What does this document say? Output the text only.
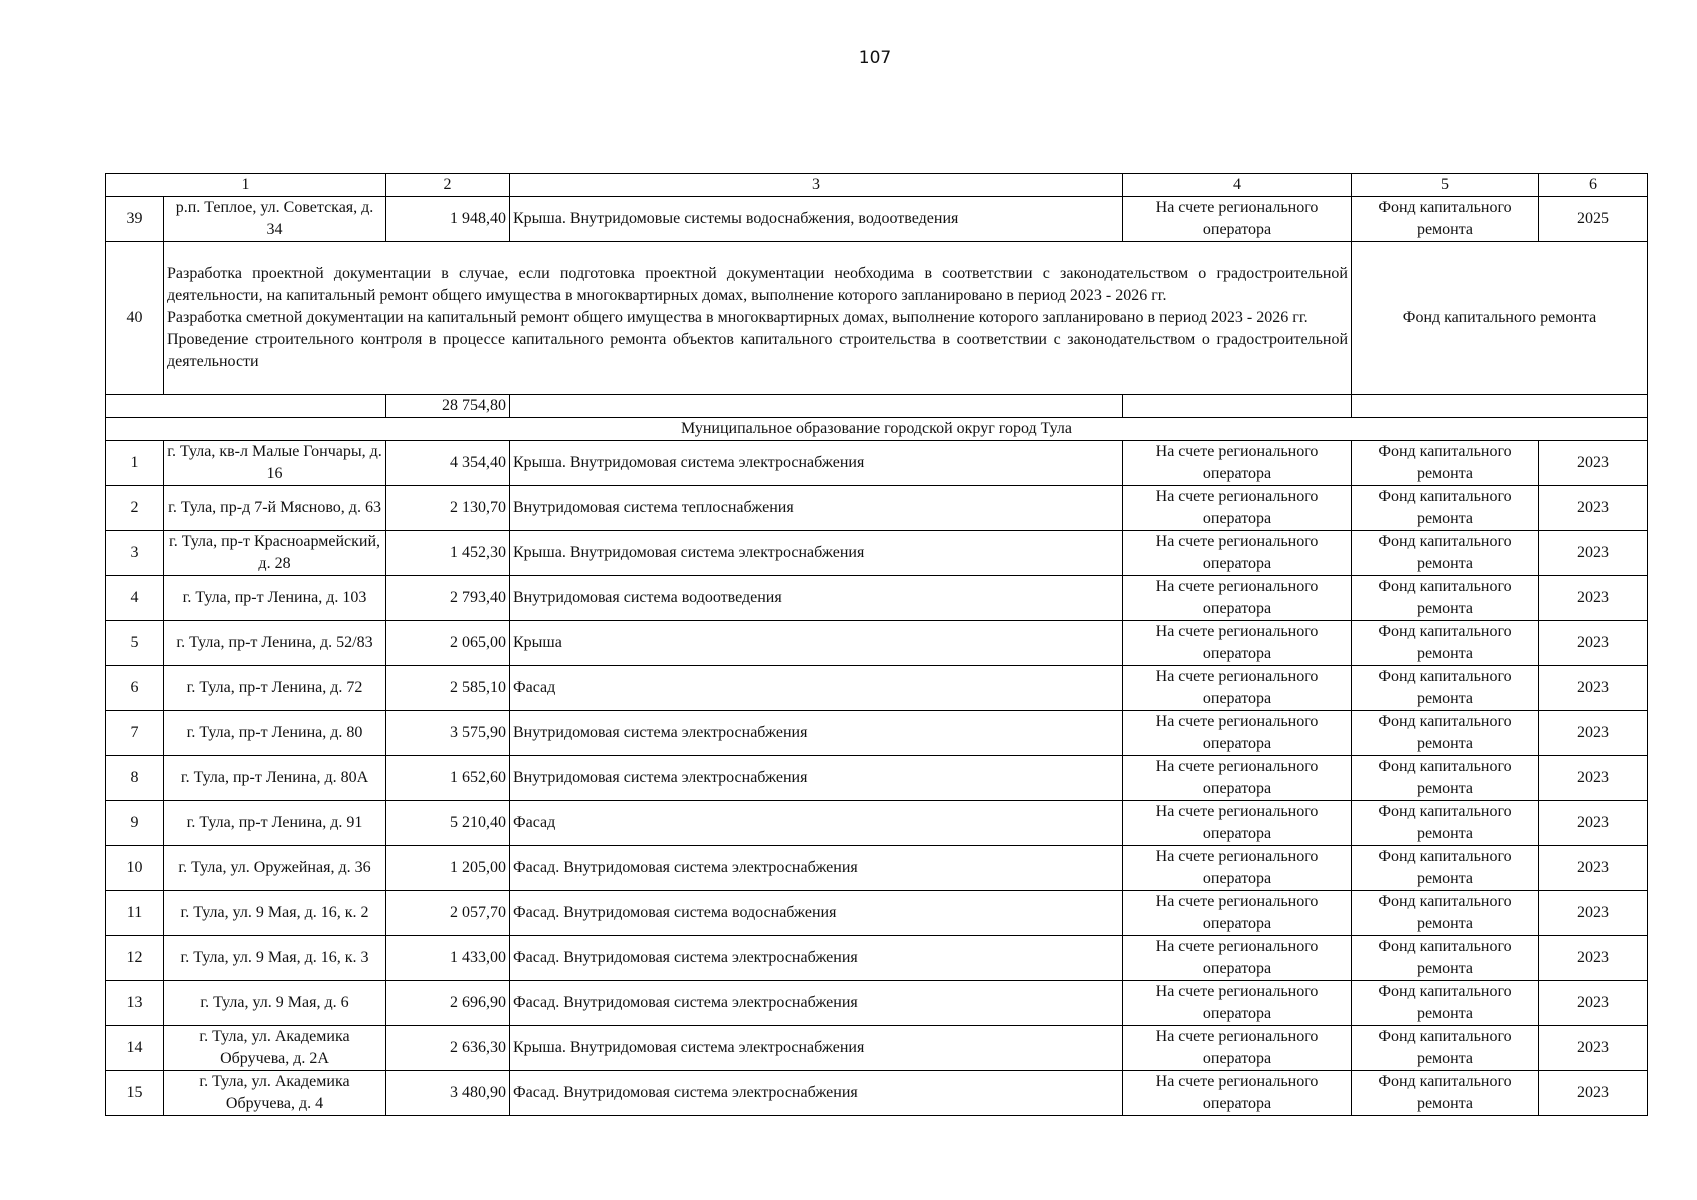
107
1		2	3	4	5	6
39	р.п. Теплое, ул. Советская, д. 34	1 948,40	Крыша. Внутридомовые системы водоснабжения, водоотведения	На счете регионального оператора	Фонд капитального ремонта	2025
40	Разработка проектной документации в случае, если подготовка проектной документации необходима в соответствии с законодательством о градостроительной деятельности, на капитальный ремонт общего имущества в многоквартирных домах, выполнение которого запланировано в период 2023 - 2026 гг.

Разработка сметной документации на капитальный ремонт общего имущества в многоквартирных домах, выполнение которого запланировано в период 2023 - 2026 гг.

Проведение строительного контроля в процессе капитального ремонта объектов капитального строительства в соответствии с законодательством о градостроительной деятельности				Фонд капитального ремонта	
		28 754,80				
Муниципальное образование городской округ город Тула						
1	г. Тула, кв-л Малые Гончары, д. 16	4 354,40	Крыша. Внутридомовая система электроснабжения	На счете регионального оператора	Фонд капитального ремонта	2023
2	г. Тула, пр-д 7-й Мясново, д. 63	2 130,70	Внутридомовая система теплоснабжения	На счете регионального оператора	Фонд капитального ремонта	2023
3	г. Тула, пр-т Красноармейский, д. 28	1 452,30	Крыша. Внутридомовая система электроснабжения	На счете регионального оператора	Фонд капитального ремонта	2023
4	г. Тула, пр-т Ленина, д. 103	2 793,40	Внутридомовая система водоотведения	На счете регионального оператора	Фонд капитального ремонта	2023
5	г. Тула, пр-т Ленина, д. 52/83	2 065,00	Крыша	На счете регионального оператора	Фонд капитального ремонта	2023
6	г. Тула, пр-т Ленина, д. 72	2 585,10	Фасад	На счете регионального оператора	Фонд капитального ремонта	2023
7	г. Тула, пр-т Ленина, д. 80	3 575,90	Внутридомовая система электроснабжения	На счете регионального оператора	Фонд капитального ремонта	2023
8	г. Тула, пр-т Ленина, д. 80А	1 652,60	Внутридомовая система электроснабжения	На счете регионального оператора	Фонд капитального ремонта	2023
9	г. Тула, пр-т Ленина, д. 91	5 210,40	Фасад	На счете регионального оператора	Фонд капитального ремонта	2023
10	г. Тула, ул. Оружейная, д. 36	1 205,00	Фасад. Внутридомовая система электроснабжения	На счете регионального оператора	Фонд капитального ремонта	2023
11	г. Тула, ул. 9 Мая, д. 16, к. 2	2 057,70	Фасад. Внутридомовая система водоснабжения	На счете регионального оператора	Фонд капитального ремонта	2023
12	г. Тула, ул. 9 Мая, д. 16, к. 3	1 433,00	Фасад. Внутридомовая система электроснабжения	На счете регионального оператора	Фонд капитального ремонта	2023
13	г. Тула, ул. 9 Мая, д. 6	2 696,90	Фасад. Внутридомовая система электроснабжения	На счете регионального оператора	Фонд капитального ремонта	2023
14	г. Тула, ул. Академика Обручева, д. 2А	2 636,30	Крыша. Внутридомовая система электроснабжения	На счете регионального оператора	Фонд капитального ремонта	2023
15	г. Тула, ул. Академика Обручева, д. 4	3 480,90	Фасад. Внутридомовая система электроснабжения	На счете регионального оператора	Фонд капитального ремонта	2023
